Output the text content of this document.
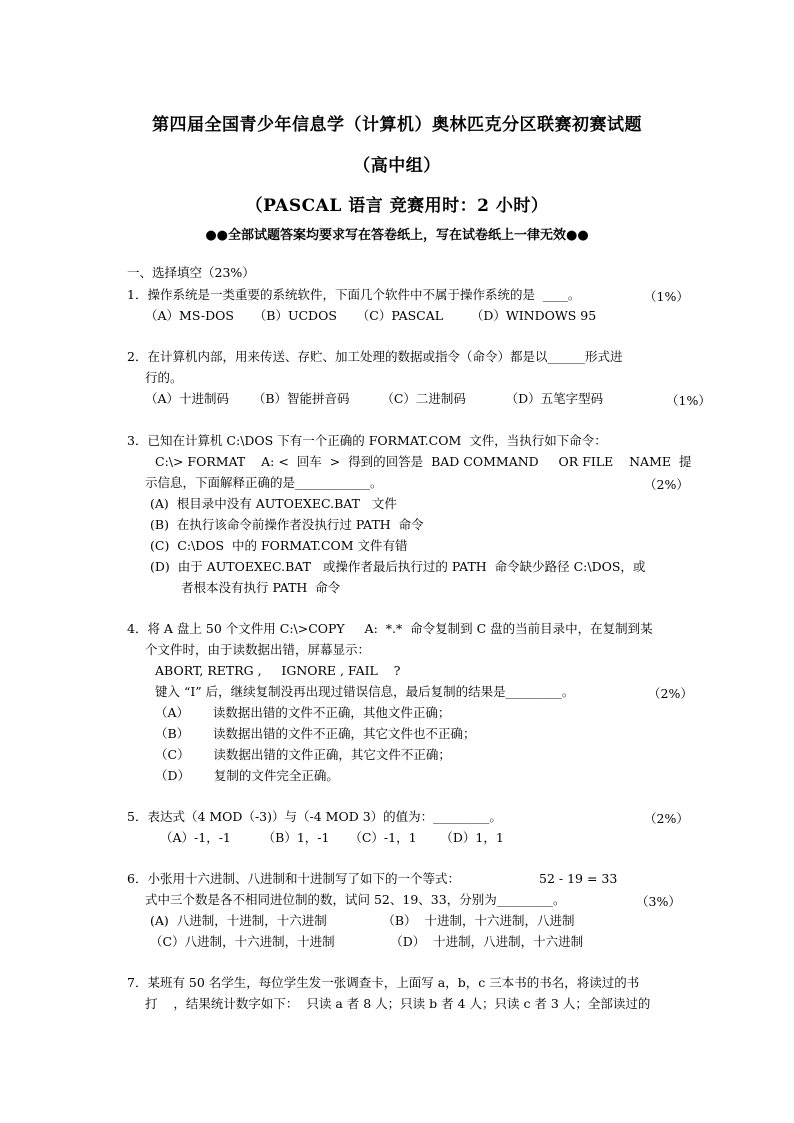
第四届全国青少年信息学（计算机）奥林匹克分区联赛初赛试题
（高中组）
（PASCAL 语言 竞赛用时：2 小时）
●●全部试题答案均要求写在答卷纸上，写在试卷纸上一律无效●●
一、选择填空（23%）
1．操作系统是一类重要的系统软件，下面几个软件中不属于操作系统的是  ____。	（1%）
（A）MS-DOS     （B）UCDOS     （C）PASCAL       （D）WINDOWS 95
2．在计算机内部，用来传送、存贮、加工处理的数据或指令（命令）都是以______形式进
行的。
（A）十进制码      （B）智能拼音码        （C）二进制码          （D）五笔字型码	（1%）
3．已知在计算机 C:\DOS 下有一个正确的 FORMAT.COM  文件，当执行如下命令：
C:\> FORMAT    A: <  回车  >  得到的回答是  BAD COMMAND     OR FILE    NAME  提
示信息，下面解释正确的是____________。	（2%）
(A)  根目录中没有 AUTOEXEC.BAT   文件
(B)  在执行该命令前操作者没执行过 PATH  命令
(C)  C:\DOS  中的 FORMAT.COM 文件有错
(D)  由于 AUTOEXEC.BAT   或操作者最后执行过的 PATH  命令缺少路径 C:\DOS，或
者根本没有执行 PATH  命令
4．将 A 盘上 50 个文件用 C:\>COPY     A:  *.*  命令复制到 C 盘的当前目录中，在复制到某
个文件时，由于读数据出错，屏幕显示：
ABORT, RETRG ,     IGNORE , FAIL    ?
键入 “I” 后，继续复制没再出现过错误信息，最后复制的结果是_________。	（2%）
（A）      读数据出错的文件不正确，其他文件正确；
（B）      读数据出错的文件不正确，其它文件也不正确；
（C）      读数据出错的文件正确，其它文件不正确；
（D）      复制的文件完全正确。
5．表达式（4 MOD（-3)）与（-4 MOD 3）的值为：_________。	（2%）
（A）-1，-1        （B）1，-1     （C）-1，1      （D）1，1
6．小张用十六进制、八进制和十进制写了如下的一个等式：	52 - 19 = 33
式中三个数是各不相同进位制的数，试问 52、19、33，分别为_________。	（3%）
(A)  八进制，十进制，十六进制              （B）  十进制，十六进制，八进制
（C）八进制，十六进制，十进制              （D）  十进制，八进制，十六进制
7．某班有 50 名学生，每位学生发一张调查卡，上面写 a，b，c 三本书的书名，将读过的书
打    ，结果统计数字如下：  只读 a 者 8 人；只读 b 者 4 人；只读 c 者 3 人；全部读过的
